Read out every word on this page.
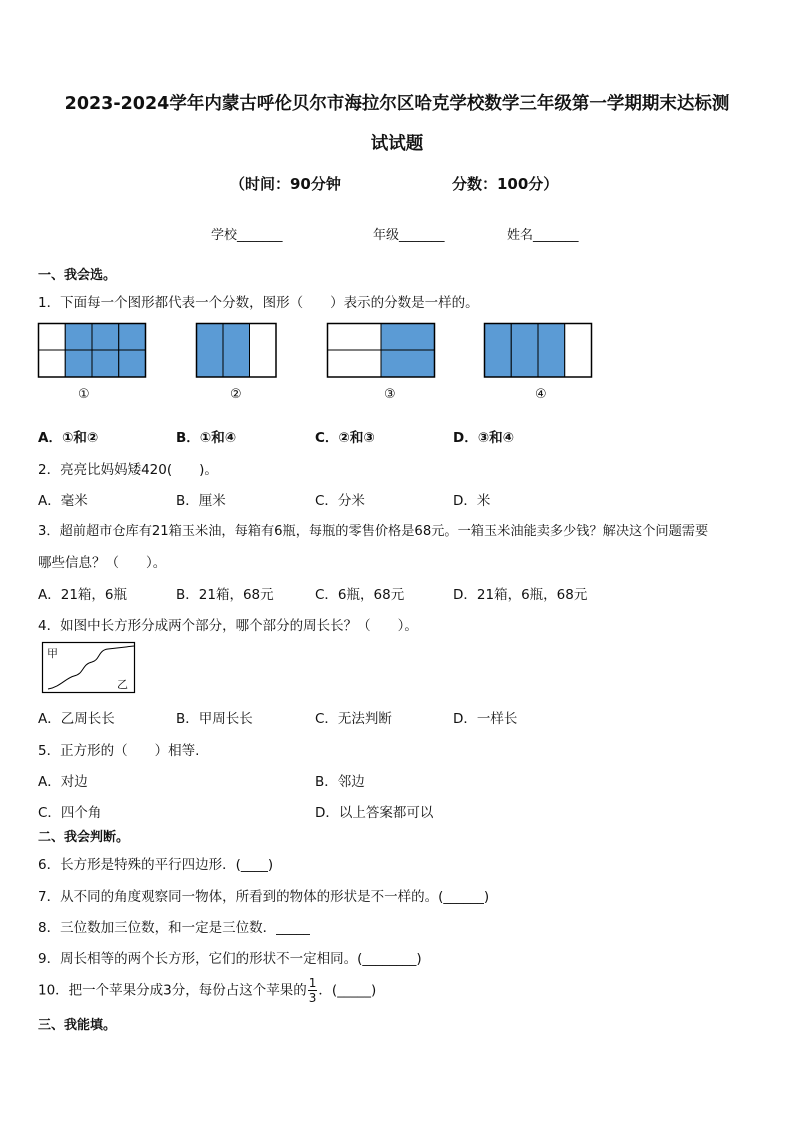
2023-2024学年内蒙古呼伦贝尔市海拉尔区哈克学校数学三年级第一学期期末达标测
试试题
（时间：90分钟	分数：100分）
学校_______	年级_______	姓名_______
一、我会选。
1．下面每一个图形都代表一个分数，图形（　　）表示的分数是一样的。
①	②	③	④
A．①和②	B．①和④	C．②和③	D．③和④
2．亮亮比妈妈矮420(　　)。
A．毫米	B．厘米	C．分米	D．米
3．超前超市仓库有21箱玉米油，每箱有6瓶，每瓶的零售价格是68元。一箱玉米油能卖多少钱？解决这个问题需要
哪些信息？（　　）。
A．21箱，6瓶	B．21箱，68元	C．6瓶，68元	D．21箱，6瓶，68元
4．如图中长方形分成两个部分，哪个部分的周长长？（　　）。
甲
乙
A．乙周长长	B．甲周长长	C．无法判断	D．一样长
5．正方形的（　　）相等.
A．对边	B．邻边
C．四个角	D．以上答案都可以
二、我会判断。
6．长方形是特殊的平行四边形．(____)
7．从不同的角度观察同一物体，所看到的物体的形状是不一样的。(______)
8．三位数加三位数，和一定是三位数．_____
9．周长相等的两个长方形，它们的形状不一定相同。(________)
10．把一个苹果分成3分，每份占这个苹果的 $\frac{1}{3}$ ．(_____)
三、我能填。
